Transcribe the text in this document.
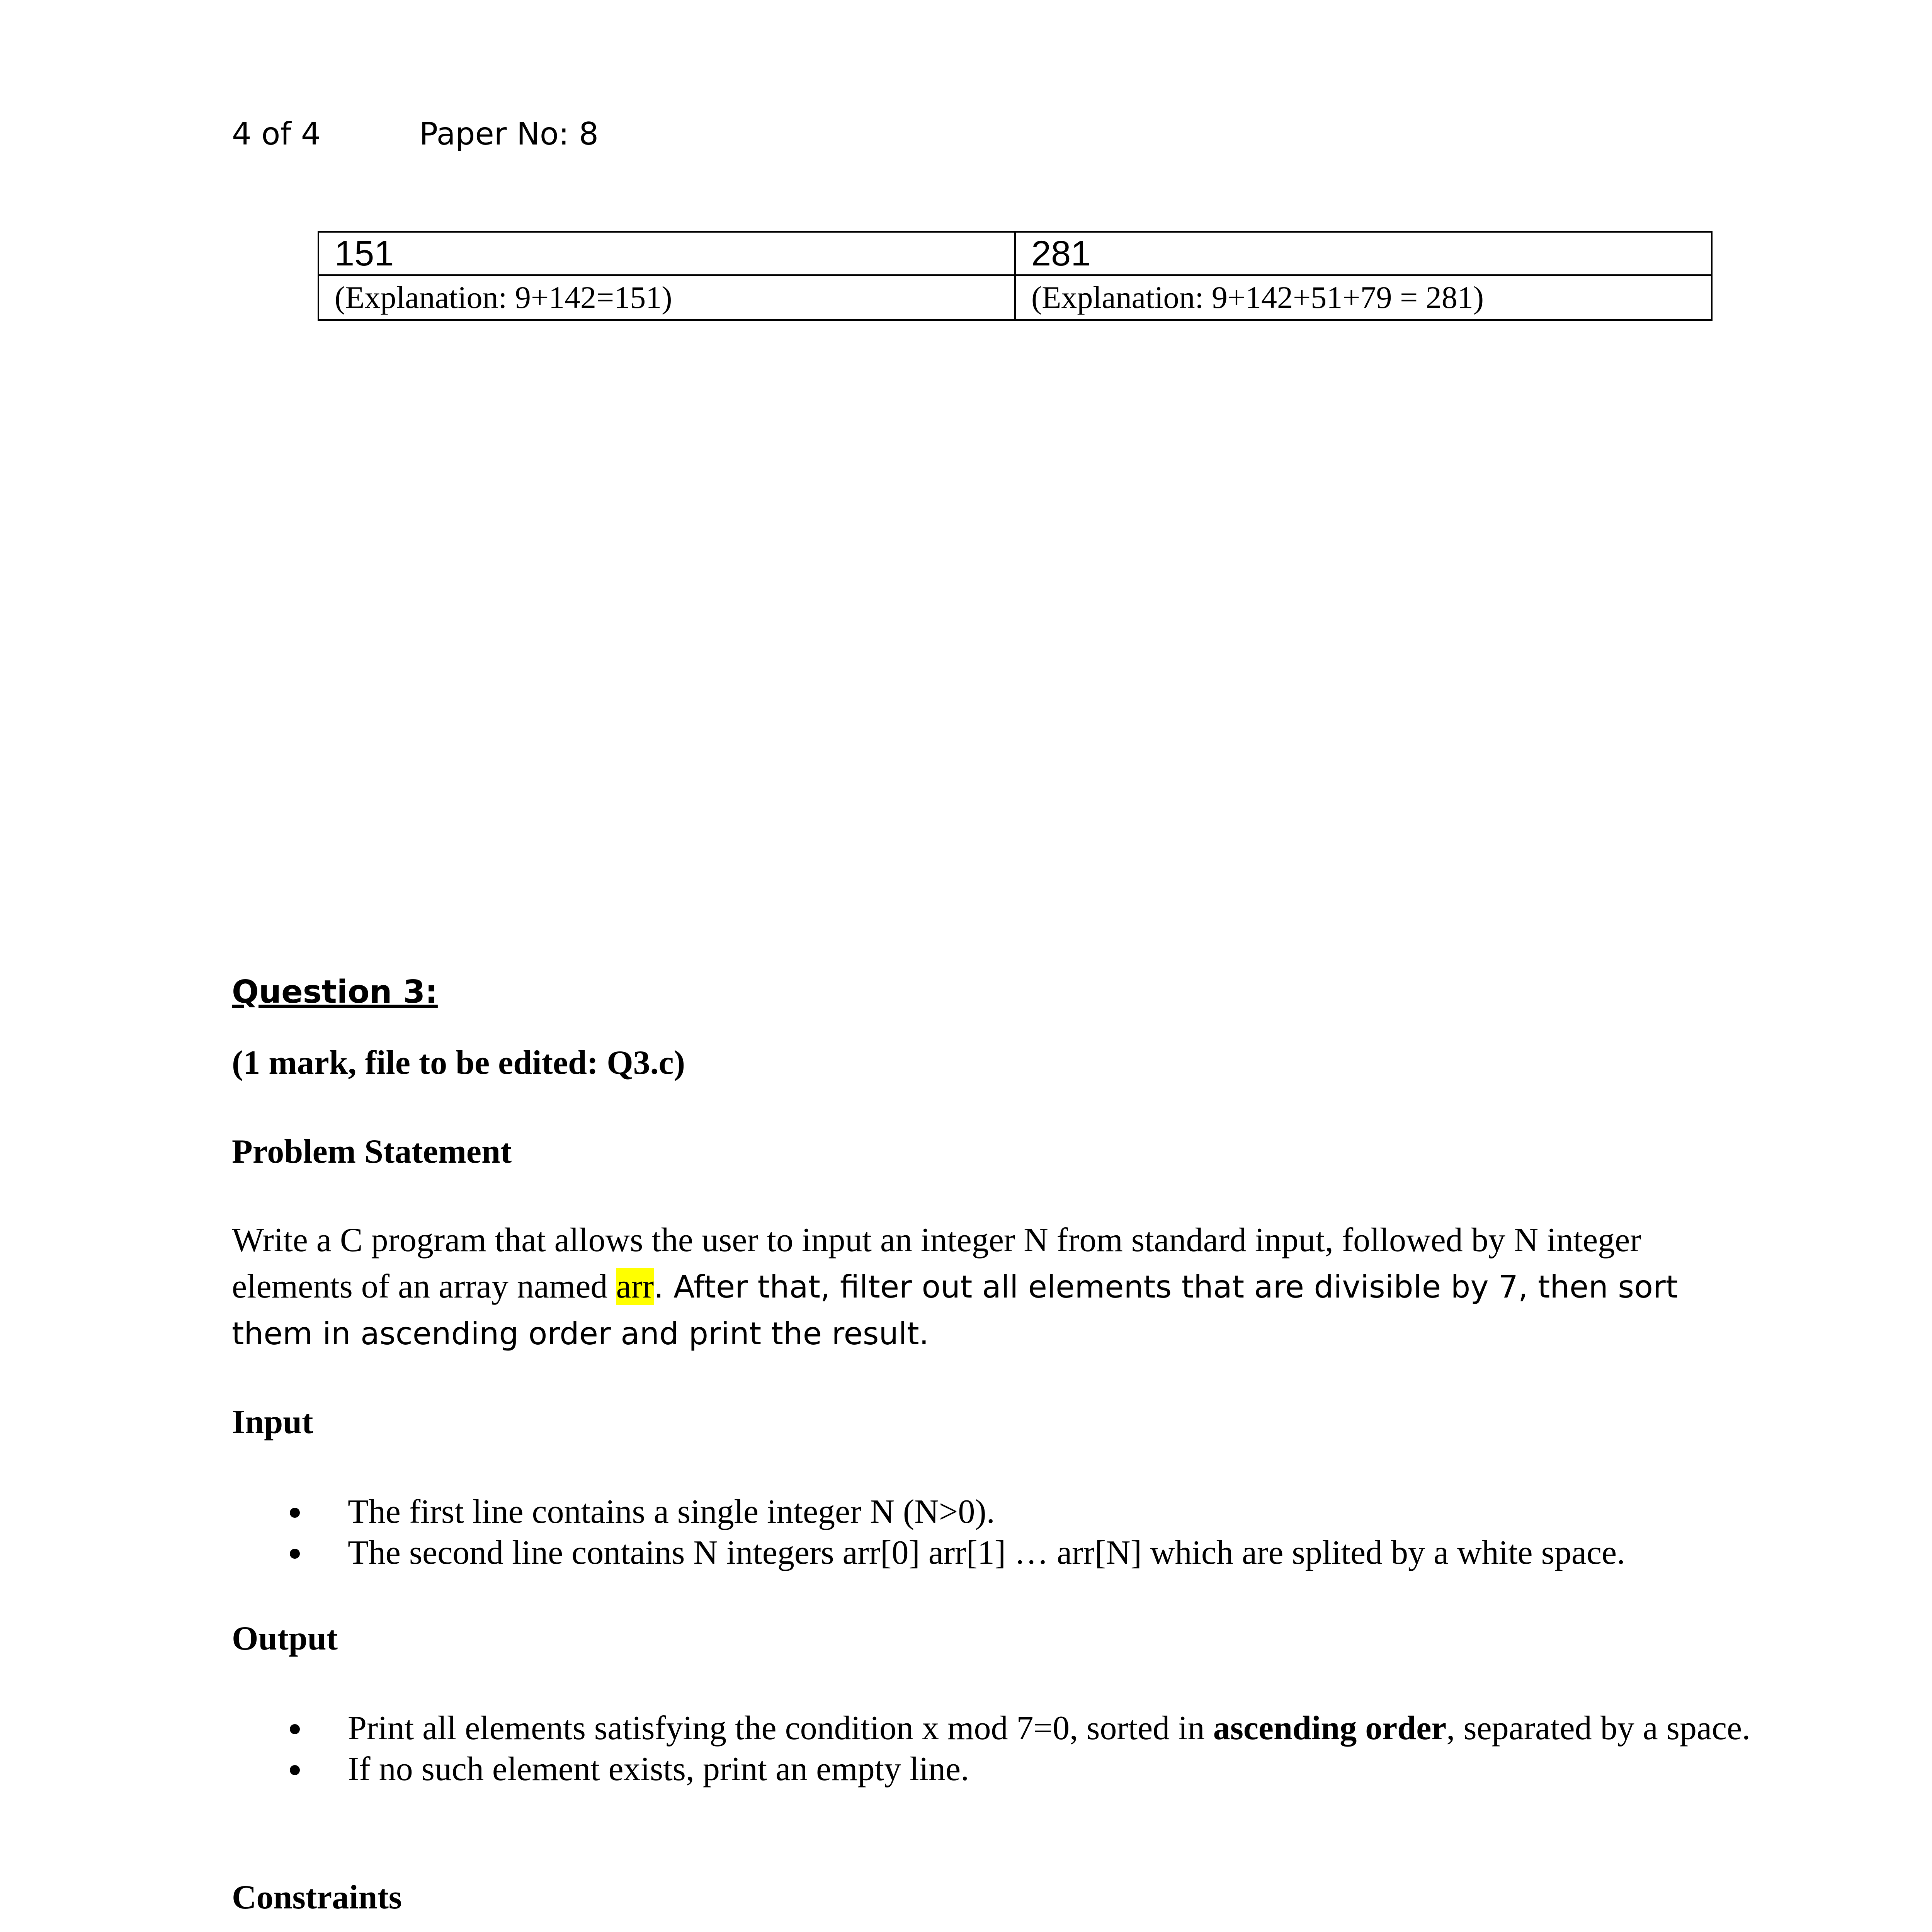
4 of 4	Paper No: 8
151	281
(Explanation: 9+142=151)	(Explanation: 9+142+51+79 = 281)
Question 3:
(1 mark, file to be edited: Q3.c)
Problem Statement
Write a C program that allows the user to input an integer N from standard input, followed by N integer elements of an array named arr. After that, filter out all elements that are divisible by 7, then sort them in ascending order and print the result.
Input
The first line contains a single integer N (N>0).
The second line contains N integers arr[0] arr[1] … arr[N] which are splited by a white space.
Output
Print all elements satisfying the condition x mod 7=0, sorted in ascending order, separated by a space.
If no such element exists, print an empty line.
Constraints
